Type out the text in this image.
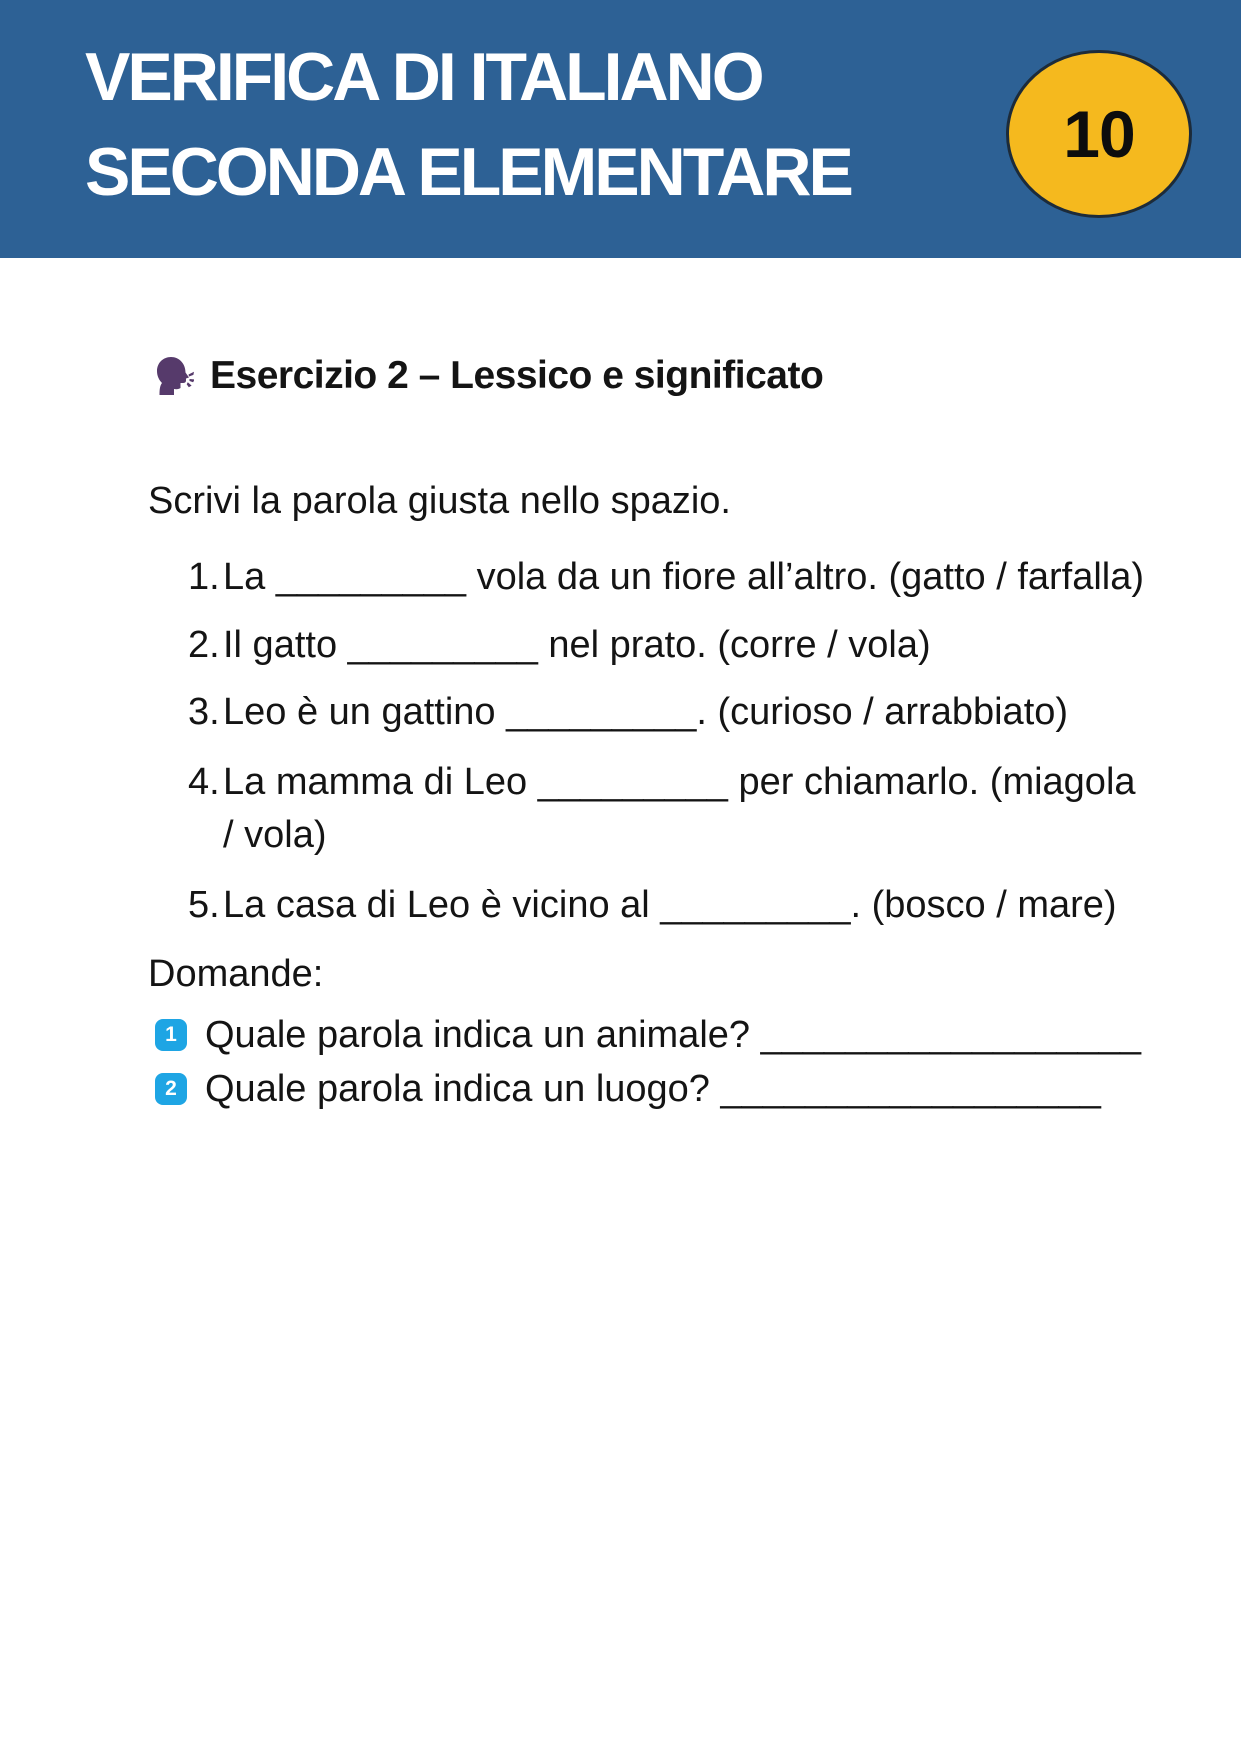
VERIFICA DI ITALIANO
SECONDA ELEMENTARE	10
Esercizio 2 – Lessico e significato

Scrivi la parola giusta nello spazio.

1.La _________ vola da un fiore all’altro. (gatto / farfalla)
2.Il gatto _________ nel prato. (corre / vola)
3.Leo è un gattino _________. (curioso / arrabbiato)
4.La mamma di Leo _________ per chiamarlo. (miagola
/ vola)
5.La casa di Leo è vicino al _________. (bosco / mare)

Domande:

1 Quale parola indica un animale? __________________
2 Quale parola indica un luogo? __________________
